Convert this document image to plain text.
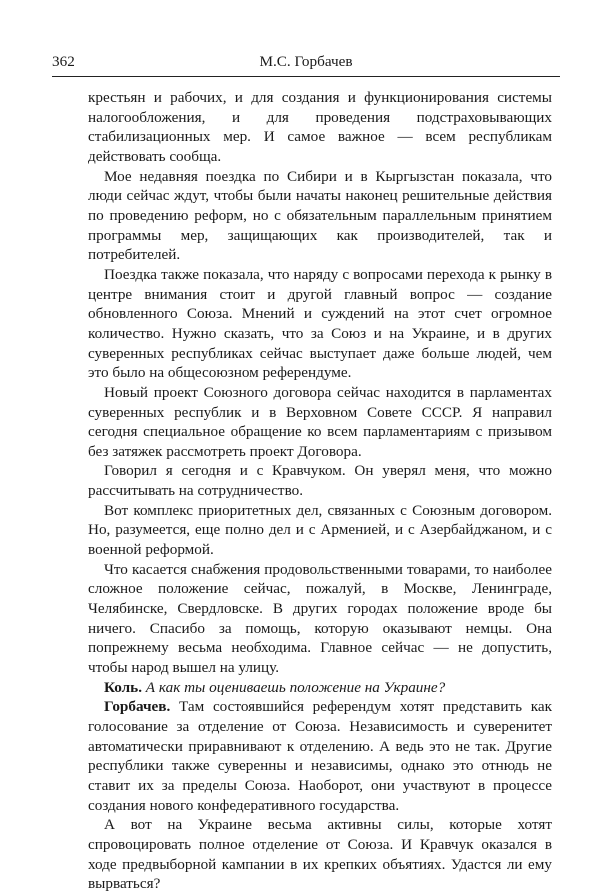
362	М.С. Горбачев

крестьян и рабочих, и для создания и функционирования системы налогообложения, и для проведения подстраховывающих стабилизационных мер. И самое важное — всем республикам действовать сообща.

Мое недавняя поездка по Сибири и в Кыргызстан показала, что люди сейчас ждут, чтобы были начаты наконец решительные действия по проведению реформ, но с обязательным параллельным принятием программы мер, защищающих как производителей, так и потребителей.

Поездка также показала, что наряду с вопросами перехода к рынку в центре внимания стоит и другой главный вопрос — создание обновленного Союза. Мнений и суждений на этот счет огромное количество. Нужно сказать, что за Союз и на Украине, и в других суверенных республиках сейчас выступает даже больше людей, чем это было на общесоюзном референдуме.

Новый проект Союзного договора сейчас находится в парламентах суверенных республик и в Верховном Совете СССР. Я направил сегодня специальное обращение ко всем парламентариям с призывом без затяжек рассмотреть проект Договора.

Говорил я сегодня и с Кравчуком. Он уверял меня, что можно рассчитывать на сотрудничество.

Вот комплекс приоритетных дел, связанных с Союзным договором. Но, разумеется, еще полно дел и с Арменией, и с Азербайджаном, и с военной реформой.

Что касается снабжения продовольственными товарами, то наиболее сложное положение сейчас, пожалуй, в Москве, Ленинграде, Челябинске, Свердловске. В других городах положение вроде бы ничего. Спасибо за помощь, которую оказывают немцы. Она попрежнему весьма необходима. Главное сейчас — не допустить, чтобы народ вышел на улицу.

Коль. А как ты оцениваешь положение на Украине?

Горбачев. Там состоявшийся референдум хотят представить как голосование за отделение от Союза. Независимость и суверенитет автоматически приравнивают к отделению. А ведь это не так. Другие республики также суверенны и независимы, однако это отнюдь не ставит их за пределы Союза. Наоборот, они участвуют в процессе создания нового конфедеративного государства.

А вот на Украине весьма активны силы, которые хотят спровоцировать полное отделение от Союза. И Кравчук оказался в ходе предвыборной кампании в их крепких объятиях. Удастся ли ему вырваться?
